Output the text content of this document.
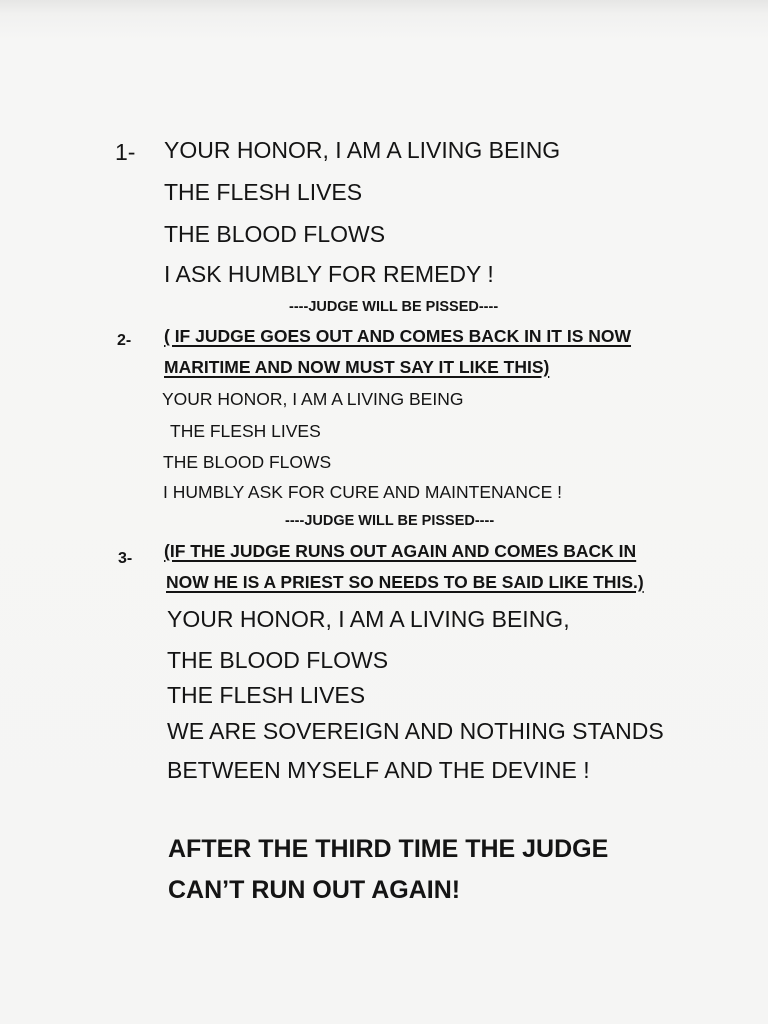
1- YOUR HONOR, I AM A LIVING BEING
THE FLESH LIVES
THE BLOOD FLOWS
I ASK HUMBLY FOR REMEDY !
----JUDGE WILL BE PISSED----
2- ( IF JUDGE GOES OUT AND COMES BACK IN IT IS NOW
MARITIME AND NOW MUST SAY IT LIKE THIS)
YOUR HONOR, I AM A LIVING BEING
THE FLESH LIVES
THE BLOOD FLOWS
I HUMBLY ASK FOR CURE AND MAINTENANCE !
----JUDGE WILL BE PISSED----
3- (IF THE JUDGE RUNS OUT AGAIN AND COMES BACK IN
NOW HE IS A PRIEST SO NEEDS TO BE SAID LIKE THIS.)
YOUR HONOR, I AM A LIVING BEING,
THE BLOOD FLOWS
THE FLESH LIVES
WE ARE SOVEREIGN AND NOTHING STANDS
BETWEEN MYSELF AND THE DEVINE !
AFTER THE THIRD TIME THE JUDGE
CAN’T RUN OUT AGAIN!
